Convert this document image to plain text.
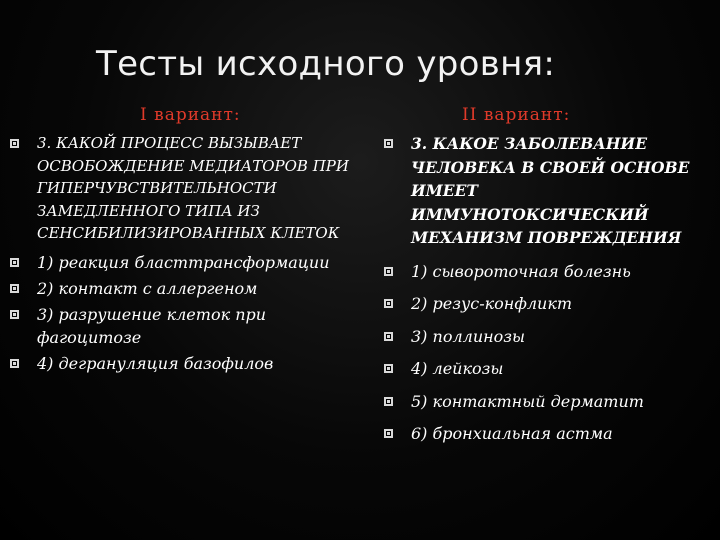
Тесты исходного уровня:
I вариант:	II вариант:
3. КАКОЙ ПРОЦЕСС ВЫЗЫВАЕТ ОСВОБОЖДЕНИЕ МЕДИАТОРОВ ПРИ ГИПЕРЧУВСТВИТЕЛЬНОСТИ ЗАМЕДЛЕННОГО ТИПА ИЗ СЕНСИБИЛИЗИРОВАННЫХ КЛЕТОК
1) реакция бласттрансформации
2) контакт с аллергеном
3) разрушение клеток при фагоцитозе
4) дегрануляция базофилов
3. КАКОЕ ЗАБОЛЕВАНИЕ ЧЕЛОВЕКА В СВОЕЙ ОСНОВЕ ИМЕЕТ ИММУНОТОКСИЧЕСКИЙ МЕХАНИЗМ ПОВРЕЖДЕНИЯ
1) сывороточная болезнь
2) резус-конфликт
3) поллинозы
4) лейкозы
5) контактный дерматит
6) бронхиальная астма
